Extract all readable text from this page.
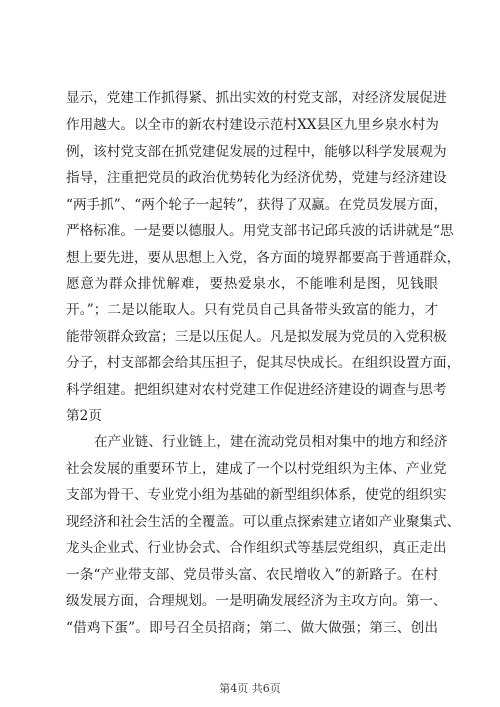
显示，党建工作抓得紧、抓出实效的村党支部，对经济发展促进
作用越大。以全市的新农村建设示范村XX县区九里乡泉水村为
例，该村党支部在抓党建促发展的过程中，能够以科学发展观为
指导，注重把党员的政治优势转化为经济优势，党建与经济建设
“两手抓”、“两个轮子一起转”，获得了双赢。在党员发展方面，
严格标准。一是要以德服人。用党支部书记邱兵波的话讲就是“思
想上要先进，要从思想上入党，各方面的境界都要高于普通群众，
愿意为群众排忧解难，要热爱泉水，不能唯利是图，见钱眼
开。”；二是以能取人。只有党员自己具备带头致富的能力，才
能带领群众致富；三是以压促人。凡是拟发展为党员的入党积极
分子，村支部都会给其压担子，促其尽快成长。在组织设置方面，
科学组建。把组织建对农村党建工作促进经济建设的调查与思考
第2页
在产业链、行业链上，建在流动党员相对集中的地方和经济
社会发展的重要环节上，建成了一个以村党组织为主体、产业党
支部为骨干、专业党小组为基础的新型组织体系，使党的组织实
现经济和社会生活的全覆盖。可以重点探索建立诸如产业聚集式、
龙头企业式、行业协会式、合作组织式等基层党组织，真正走出
一条“产业带支部、党员带头富、农民增收入”的新路子。在村
级发展方面，合理规划。一是明确发展经济为主攻方向。第一、
“借鸡下蛋”。即号召全员招商；第二、做大做强；第三、创出
第4页 共6页
